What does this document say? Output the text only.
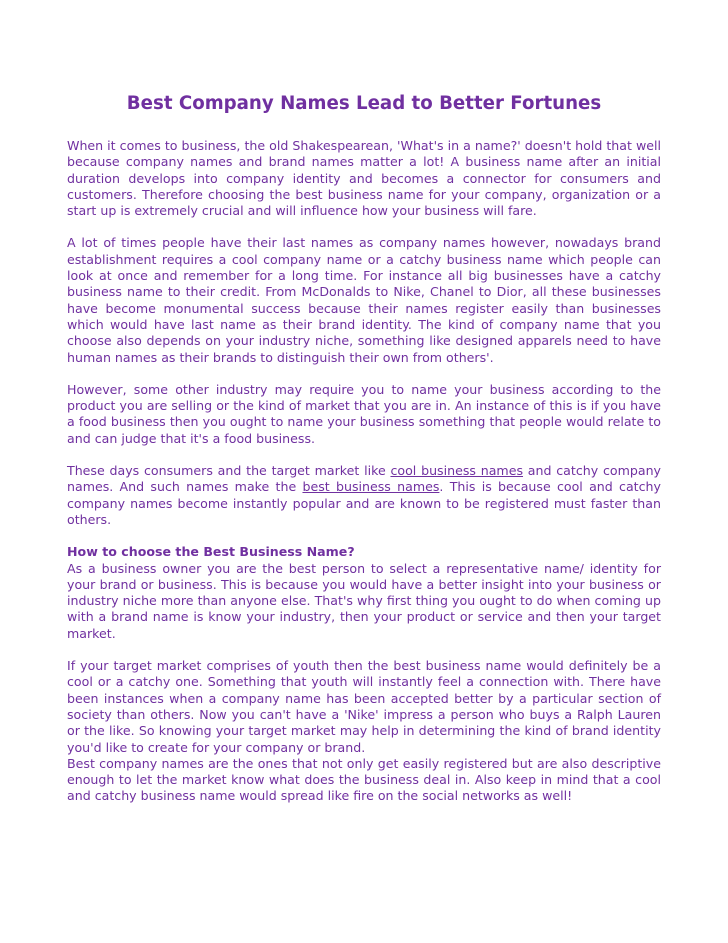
Best Company Names Lead to Better Fortunes

When it comes to business, the old Shakespearean, 'What's in a name?' doesn't hold that well because company names and brand names matter a lot! A business name after an initial duration develops into company identity and becomes a connector for consumers and customers. Therefore choosing the best business name for your company, organization or a start up is extremely crucial and will influence how your business will fare.

A lot of times people have their last names as company names however, nowadays brand establishment requires a cool company name or a catchy business name which people can look at once and remember for a long time. For instance all big businesses have a catchy business name to their credit. From McDonalds to Nike, Chanel to Dior, all these businesses have become monumental success because their names register easily than businesses which would have last name as their brand identity. The kind of company name that you choose also depends on your industry niche, something like designed apparels need to have human names as their brands to distinguish their own from others'.

However, some other industry may require you to name your business according to the product you are selling or the kind of market that you are in. An instance of this is if you have a food business then you ought to name your business something that people would relate to and can judge that it's a food business.

These days consumers and the target market like cool business names and catchy company names. And such names make the best business names. This is because cool and catchy company names become instantly popular and are known to be registered must faster than others.

How to choose the Best Business Name?
As a business owner you are the best person to select a representative name/ identity for your brand or business. This is because you would have a better insight into your business or industry niche more than anyone else. That's why first thing you ought to do when coming up with a brand name is know your industry, then your product or service and then your target market.

If your target market comprises of youth then the best business name would definitely be a cool or a catchy one. Something that youth will instantly feel a connection with. There have been instances when a company name has been accepted better by a particular section of society than others. Now you can't have a 'Nike' impress a person who buys a Ralph Lauren or the like. So knowing your target market may help in determining the kind of brand identity you'd like to create for your company or brand.

Best company names are the ones that not only get easily registered but are also descriptive enough to let the market know what does the business deal in. Also keep in mind that a cool and catchy business name would spread like fire on the social networks as well!
